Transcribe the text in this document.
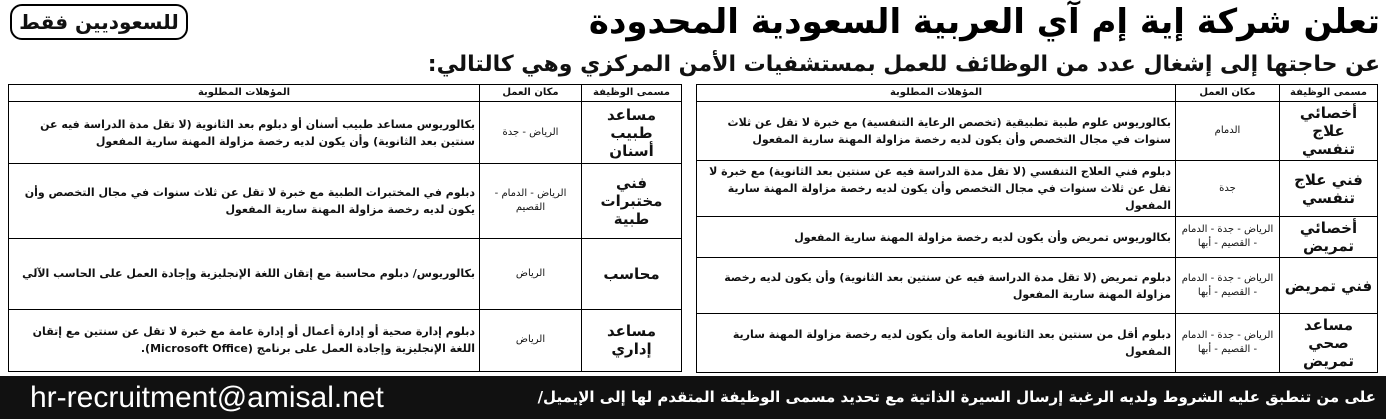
تعلن شركة إية إم آي العربية السعودية المحدودة
للسعوديين فقط
عن حاجتها إلى إشغال عدد من الوظائف للعمل بمستشفيات الأمن المركزي وهي كالتالي:
مسمى الوظيفة	مكان العمل	المؤهلات المطلوبة
أخصائي علاج تنفسي	الدمام	بكالوريوس علوم طبية تطبيقية (تخصص الرعاية التنفسية) مع خبرة لا تقل عن ثلاث سنوات في مجال التخصص وأن يكون لديه رخصة مزاولة المهنة سارية المفعول
فني علاج تنفسي	جدة	دبلوم فني العلاج التنفسي (لا تقل مدة الدراسة فيه عن سنتين بعد الثانوية) مع خبرة لا تقل عن ثلاث سنوات في مجال التخصص وأن يكون لديه رخصة مزاولة المهنة سارية المفعول
أخصائي تمريض	الرياض - جدة - الدمام - القصيم - أبها	بكالوريوس تمريض وأن يكون لديه رخصة مزاولة المهنة سارية المفعول
فني تمريض	الرياض - جدة - الدمام - القصيم - أبها	دبلوم تمريض (لا تقل مدة الدراسة فيه عن سنتين بعد الثانوية) وأن يكون لديه رخصة مزاولة المهنة سارية المفعول
مساعد صحي تمريض	الرياض - جدة - الدمام - القصيم - أبها	دبلوم أقل من سنتين بعد الثانوية العامة وأن يكون لديه رخصة مزاولة المهنة سارية المفعول
مسمى الوظيفة	مكان العمل	المؤهلات المطلوبة
مساعد طبيب أسنان	الرياض - جدة	بكالوريوس مساعد طبيب أسنان أو دبلوم بعد الثانوية (لا تقل مدة الدراسة فيه عن سنتين بعد الثانوية) وأن يكون لديه رخصة مزاولة المهنة سارية المفعول
فني مختبرات طبية	الرياض - الدمام - القصيم	دبلوم في المختبرات الطبية مع خبرة لا تقل عن ثلاث سنوات في مجال التخصص وأن يكون لديه رخصة مزاولة المهنة سارية المفعول
محاسب	الرياض	بكالوريوس/ دبلوم محاسبة مع إتقان اللغة الإنجليزية وإجادة العمل على الحاسب الآلي
مساعد إداري	الرياض	دبلوم إدارة صحية أو إدارة أعمال أو إدارة عامة مع خبرة لا تقل عن سنتين مع إتقان اللغة الإنجليزية وإجادة العمل على برنامج (Microsoft Office).
على من تنطبق عليه الشروط ولديه الرغبة إرسال السيرة الذاتية مع تحديد مسمى الوظيفة المتقدم لها إلى الإيميل/
hr-recruitment@amisal.net
